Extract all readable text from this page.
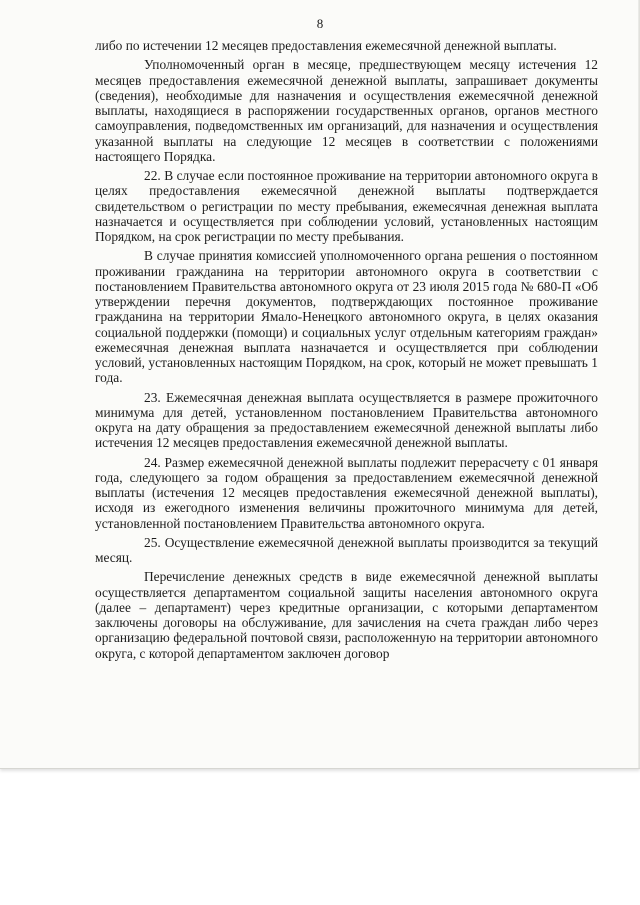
8

либо по истечении 12 месяцев предоставления ежемесячной денежной выплаты.

Уполномоченный орган в месяце, предшествующем месяцу истечения 12 месяцев предоставления ежемесячной денежной выплаты, запрашивает документы (сведения), необходимые для назначения и осуществления ежемесячной денежной выплаты, находящиеся в распоряжении государственных органов, органов местного самоуправления, подведомственных им организаций, для назначения и осуществления указанной выплаты на следующие 12 месяцев в соответствии с положениями настоящего Порядка.

22. В случае если постоянное проживание на территории автономного округа в целях предоставления ежемесячной денежной выплаты подтверждается свидетельством о регистрации по месту пребывания, ежемесячная денежная выплата назначается и осуществляется при соблюдении условий, установленных настоящим Порядком, на срок регистрации по месту пребывания.

В случае принятия комиссией уполномоченного органа решения о постоянном проживании гражданина на территории автономного округа в соответствии с постановлением Правительства автономного округа от 23 июля 2015 года № 680-П «Об утверждении перечня документов, подтверждающих постоянное проживание гражданина на территории Ямало-Ненецкого автономного округа, в целях оказания социальной поддержки (помощи) и социальных услуг отдельным категориям граждан» ежемесячная денежная выплата назначается и осуществляется при соблюдении условий, установленных настоящим Порядком, на срок, который не может превышать 1 года.

23. Ежемесячная денежная выплата осуществляется в размере прожиточного минимума для детей, установленном постановлением Правительства автономного округа на дату обращения за предоставлением ежемесячной денежной выплаты либо истечения 12 месяцев предоставления ежемесячной денежной выплаты.

24. Размер ежемесячной денежной выплаты подлежит перерасчету с 01 января года, следующего за годом обращения за предоставлением ежемесячной денежной выплаты (истечения 12 месяцев предоставления ежемесячной денежной выплаты), исходя из ежегодного изменения величины прожиточного минимума для детей, установленной постановлением Правительства автономного округа.

25. Осуществление ежемесячной денежной выплаты производится за текущий месяц.

Перечисление денежных средств в виде ежемесячной денежной выплаты осуществляется департаментом социальной защиты населения автономного округа (далее – департамент) через кредитные организации, с которыми департаментом заключены договоры на обслуживание, для зачисления на счета граждан либо через организацию федеральной почтовой связи, расположенную на территории автономного округа, с которой департаментом заключен договор
